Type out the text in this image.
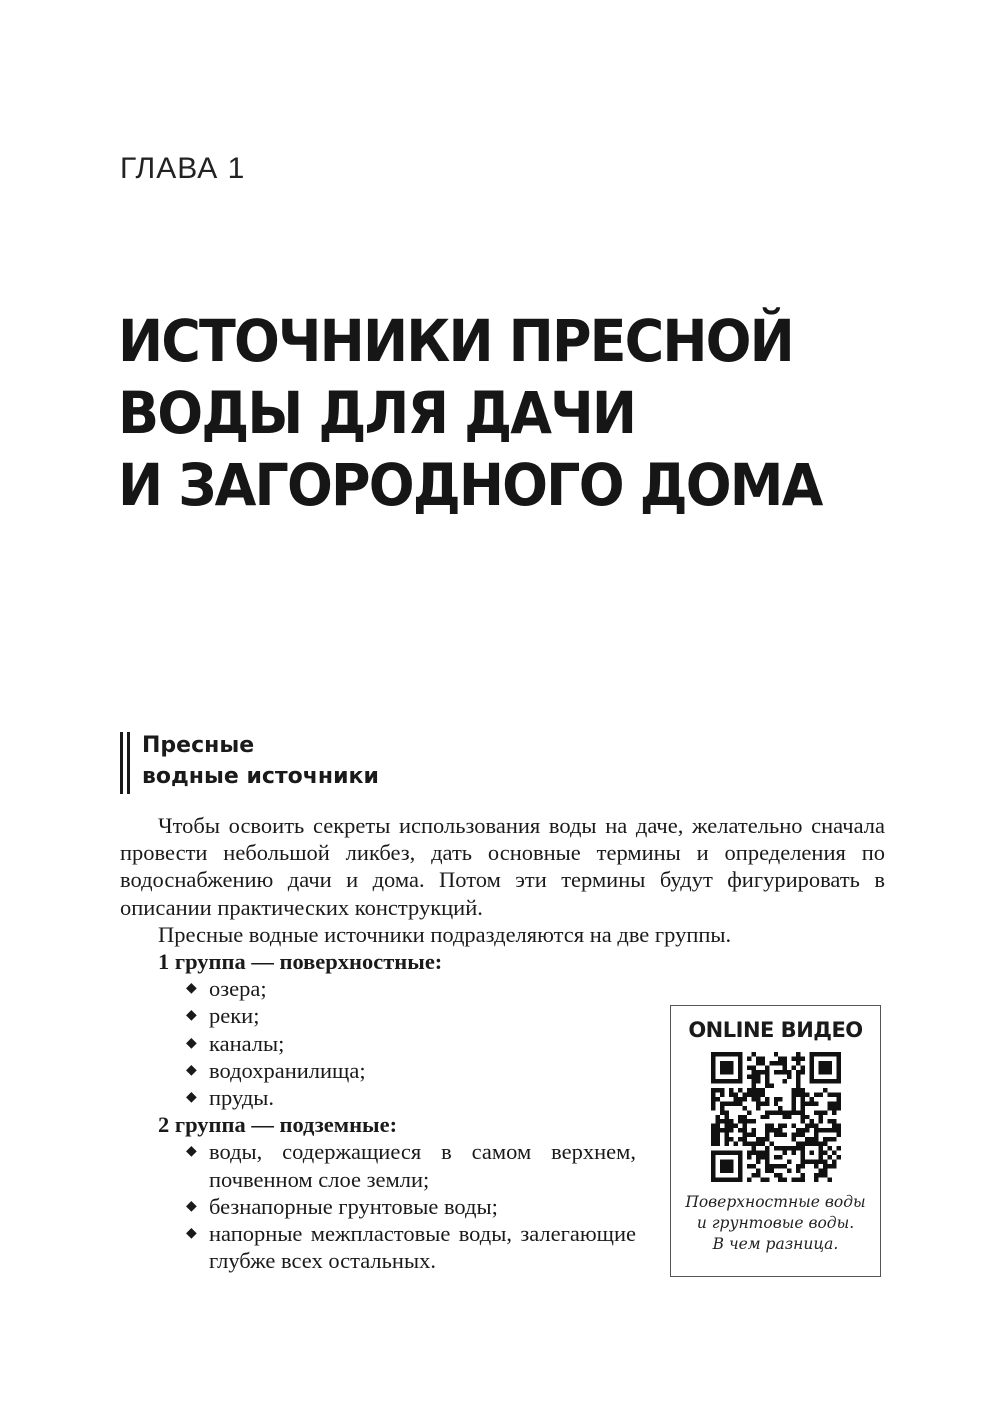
ГЛАВА 1
ИСТОЧНИКИ ПРЕСНОЙ
ВОДЫ ДЛЯ ДАЧИ
И ЗАГОРОДНОГО ДОМА
Пресные
водные источники
Чтобы освоить секреты использования воды на даче, желательно сначала провести небольшой ликбез, дать основные термины и определения по водоснабжению дачи и дома. Потом эти термины будут фигурировать в описании практических конструкций.
Пресные водные источники подразделяются на две группы.
1 группа — поверхностные:
◆ озера;
◆ реки;
◆ каналы;
◆ водохранилища;
◆ пруды.
2 группа — подземные:
◆ воды, содержащиеся в самом верхнем, почвенном слое земли;
◆ безнапорные грунтовые воды;
◆ напорные межпластовые воды, залегающие глубже всех остальных.
ONLINE ВИДЕО
Поверхностные воды
и грунтовые воды.
В чем разница.
